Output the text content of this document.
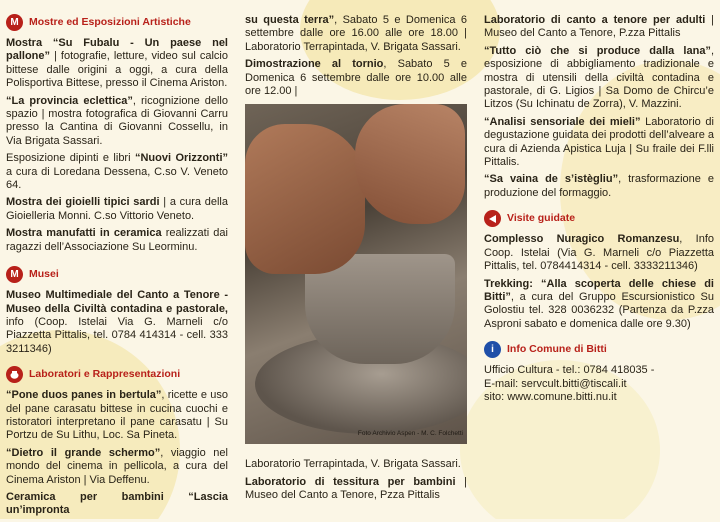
M Mostre ed Esposizioni Artistiche

Mostra “Su Fubalu - Un paese nel pallone” | fotografie, letture, video sul calcio bittese dalle origini a oggi, a cura della Polisportiva Bittese, presso il Cinema Ariston.

“La provincia eclettica”, ricognizione dello spazio | mostra fotografica di Giovanni Carru presso la Cantina di Giovanni Cossellu, in Via Brigata Sassari.

Esposizione dipinti e libri “Nuovi Orizzonti” a cura di Loredana Dessena, C.so V. Veneto 64.

Mostra dei gioielli tipici sardi | a cura della Gioielleria Monni. C.so Vittorio Veneto.

Mostra manufatti in ceramica realizzati dai ragazzi dell’Associazione Su Leorminu.

M Musei

Museo Multimediale del Canto a Tenore - Museo della Civiltà contadina e pastorale, info (Coop. Istelai Via G. Marneli c/o Piazzetta Pittalis, tel. 0784 414314 - cell. 333 3211346)

Laboratori e Rappresentazioni

“Pone duos panes in bertula”, ricette e uso del pane carasatu bittese in cucina cuochi e ristoratori interpretano il pane carasatu | Su Portzu de Su Lithu, Loc. Sa Pineta.

“Dietro il grande schermo”, viaggio nel mondo del cinema in pellicola, a cura del Cinema Ariston | Via Deffenu.

Ceramica per bambini “Lascia un’impronta

su questa terra”, Sabato 5 e Domenica 6 settembre dalle ore 16.00 alle ore 18.00 | Laboratorio Terrapintada, V. Brigata Sassari.

Dimostrazione al tornio, Sabato 5 e Domenica 6 settembre dalle ore 10.00 alle ore 12.00 |

Foto Archivio Aspen - M. C. Folchetti

Laboratorio Terrapintada, V. Brigata Sassari.

Laboratorio di tessitura per bambini | Museo del Canto a Tenore, Pzza Pittalis

Laboratorio di canto a tenore per adulti | Museo del Canto a Tenore, P.zza Pittalis

“Tutto ciò che si produce dalla lana”, esposizione di abbigliamento tradizionale e mostra di utensili della civiltà contadina e pastorale, di G. Ligios | Sa Domo de Chircu’e Litzos (Su Ichinatu de Zorra), V. Mazzini.

“Analisi sensoriale dei mieli” Laboratorio di degustazione guidata dei prodotti dell’alveare a cura di Azienda Apistica Luja | Su fraile dei F.lli Pittalis.

“Sa vaina de s’istègliu”, trasformazione e produzione del formaggio.

Visite guidate

Complesso Nuragico Romanzesu, Info Coop. Istelai (Via G. Marneli c/o Piazzetta Pittalis, tel. 0784414314 - cell. 3333211346)

Trekking: “Alla scoperta delle chiese di Bitti”, a cura del Gruppo Escursionistico Su Golostiu tel. 328 0036232 (Partenza da P.zza Asproni sabato e domenica dalle ore 9.30)

i	Info Comune di Bitti

Ufficio Cultura - tel.: 0784 418035 -

E-mail: servcult.bitti@tiscali.it

sito: www.comune.bitti.nu.it
